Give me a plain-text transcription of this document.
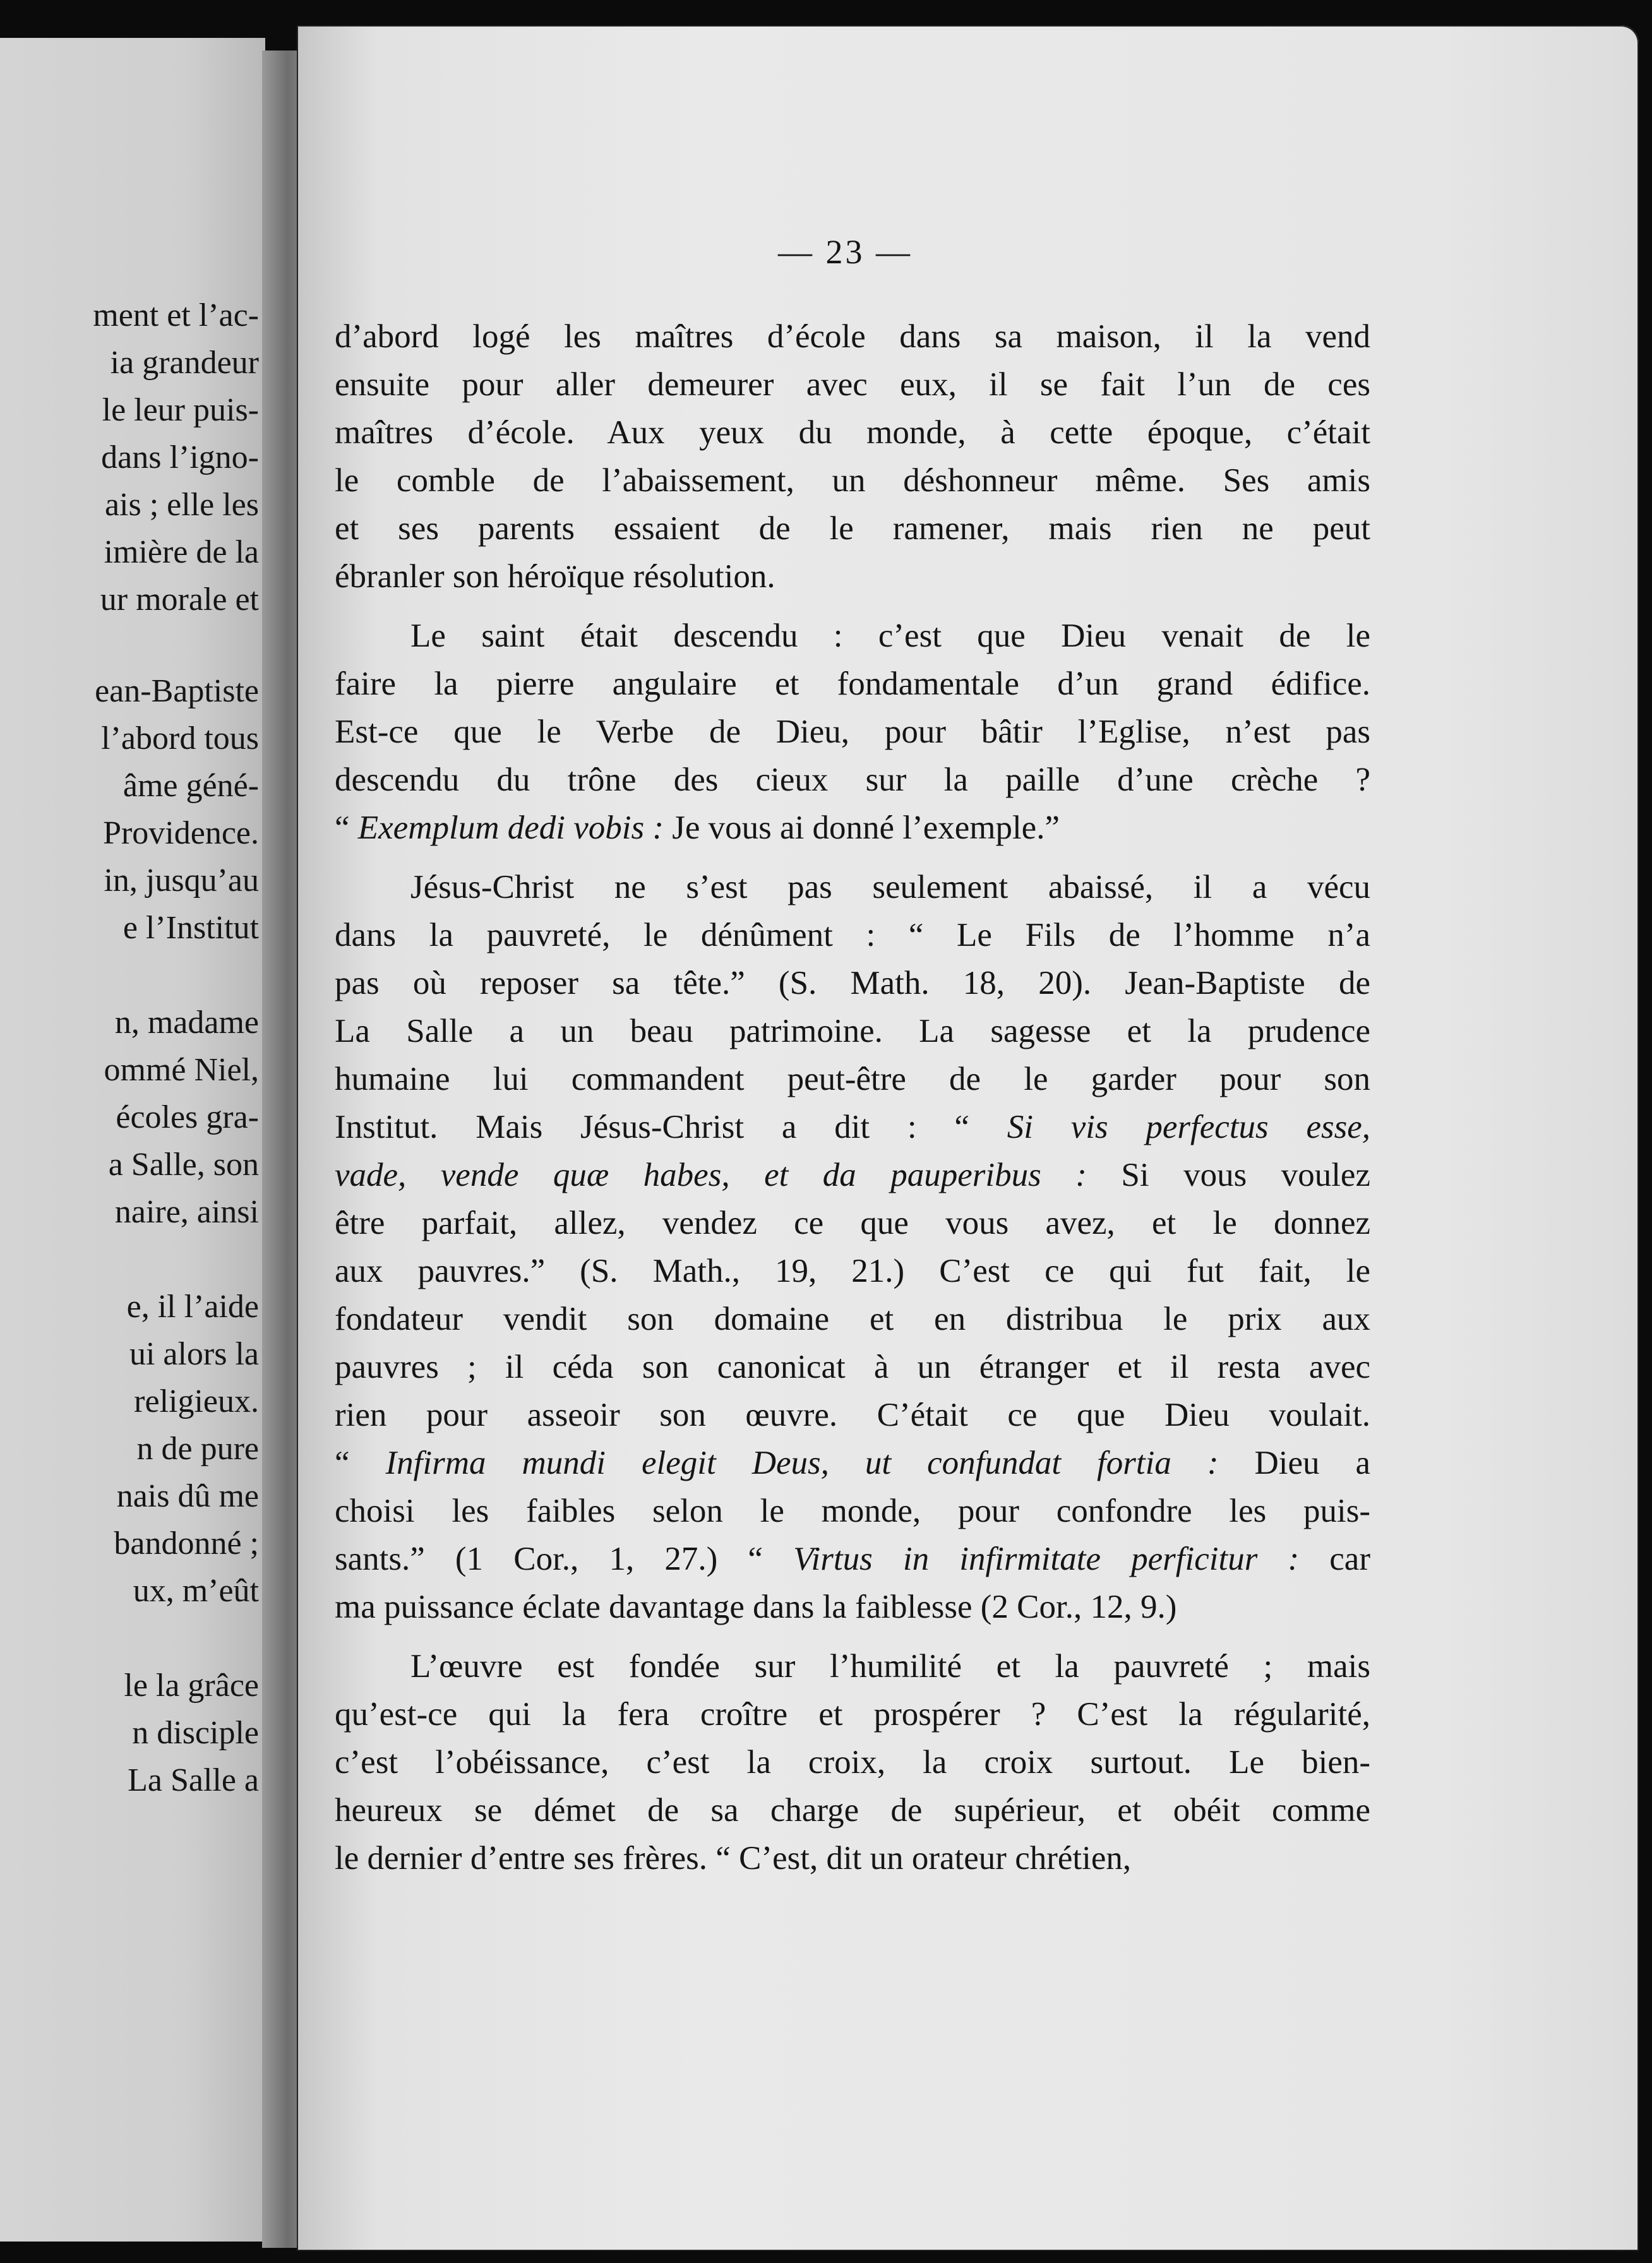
ment et l’ac-
ia grandeur
le leur puis-
dans l’igno-
ais ; elle les
imière de la
ur morale et
ean-Baptiste
l’abord tous
âme géné-
Providence.
in, jusqu’au
e l’Institut
n, madame
ommé Niel,
écoles gra-
a Salle, son
naire, ainsi
e, il l’aide
ui alors la
religieux.
n de pure
nais dû me
bandonné ;
ux, m’eût
le la grâce
n disciple
La Salle a
— 23 —
d’abord logé les maîtres d’école dans sa maison, il la vend
ensuite pour aller demeurer avec eux, il se fait l’un de ces
maîtres d’école. Aux yeux du monde, à cette époque, c’était
le comble de l’abaissement, un déshonneur même. Ses amis
et ses parents essaient de le ramener, mais rien ne peut
ébranler son héroïque résolution.
Le saint était descendu : c’est que Dieu venait de le
faire la pierre angulaire et fondamentale d’un grand édifice.
Est-ce que le Verbe de Dieu, pour bâtir l’Eglise, n’est pas
descendu du trône des cieux sur la paille d’une crèche ?
“ Exemplum dedi vobis : Je vous ai donné l’exemple.”
Jésus-Christ ne s’est pas seulement abaissé, il a vécu
dans la pauvreté, le dénûment : “ Le Fils de l’homme n’a
pas où reposer sa tête.” (S. Math. 18, 20). Jean-Baptiste de
La Salle a un beau patrimoine. La sagesse et la prudence
humaine lui commandent peut-être de le garder pour son
Institut. Mais Jésus-Christ a dit : “ Si vis perfectus esse,
vade, vende quæ habes, et da pauperibus : Si vous voulez
être parfait, allez, vendez ce que vous avez, et le donnez
aux pauvres.” (S. Math., 19, 21.) C’est ce qui fut fait, le
fondateur vendit son domaine et en distribua le prix aux
pauvres ; il céda son canonicat à un étranger et il resta avec
rien pour asseoir son œuvre. C’était ce que Dieu voulait.
“ Infirma mundi elegit Deus, ut confundat fortia : Dieu a
choisi les faibles selon le monde, pour confondre les puis-
sants.” (1 Cor., 1, 27.) “ Virtus in infirmitate perficitur : car
ma puissance éclate davantage dans la faiblesse (2 Cor., 12, 9.)
L’œuvre est fondée sur l’humilité et la pauvreté ; mais
qu’est-ce qui la fera croître et prospérer ? C’est la régularité,
c’est l’obéissance, c’est la croix, la croix surtout. Le bien-
heureux se démet de sa charge de supérieur, et obéit comme
le dernier d’entre ses frères. “ C’est, dit un orateur chrétien,
